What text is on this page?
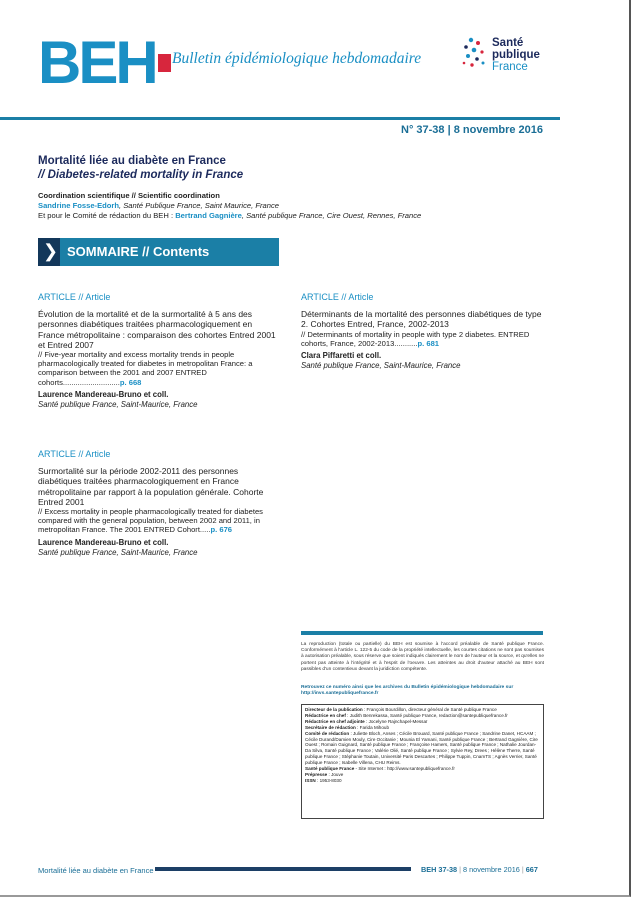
BEH Bulletin épidémiologique hebdomadaire
Santé
publique
France
N° 37-38 | 8 novembre 2016
Mortalité liée au diabète en France
// Diabetes-related mortality in France
Coordination scientifique // Scientific coordination
Sandrine Fosse-Edorh, Santé Publique France, Saint Maurice, France
Et pour le Comité de rédaction du BEH : Bertrand Gagnière, Santé publique France, Cire Ouest, Rennes, France
❯ SOMMAIRE // Contents
ARTICLE // Article
Évolution de la mortalité et de la surmortalité à 5 ans des personnes diabétiques traitées pharmacologiquement en France métropolitaine : comparaison des cohortes Entred 2001 et Entred 2007
// Five-year mortality and excess mortality trends in people pharmacologically treated for diabetes in metropolitan France: a comparison between the 2001 and 2007 ENTRED cohorts...........................p. 668
Laurence Mandereau-Bruno et coll.
Santé publique France, Saint-Maurice, France
ARTICLE // Article
Surmortalité sur la période 2002-2011 des personnes diabétiques traitées pharmacologiquement en France métropolitaine par rapport à la population générale. Cohorte Entred 2001
// Excess mortality in people pharmacologically treated for diabetes compared with the general population, between 2002 and 2011, in metropolitan France. The 2001 ENTRED Cohort.....p. 676
Laurence Mandereau-Bruno et coll.
Santé publique France, Saint-Maurice, France
ARTICLE // Article
Déterminants de la mortalité des personnes diabétiques de type 2. Cohortes Entred, France, 2002-2013
// Determinants of mortality in people with type 2 diabetes. ENTRED cohorts, France, 2002-2013...........p. 681
Clara Piffaretti et coll.
Santé publique France, Saint-Maurice, France
La reproduction (totale ou partielle) du BEH est soumise à l'accord préalable de Santé publique France. Conformément à l'article L. 122-5 du code de la propriété intellectuelle, les courtes citations ne sont pas soumises à autorisation préalable, sous réserve que soient indiqués clairement le nom de l'auteur et la source, et qu'elles ne portent pas atteinte à l'intégrité et à l'esprit de l'oeuvre. Les atteintes au droit d'auteur attaché au BEH sont passibles d'un contentieux devant la juridiction compétente.
Retrouvez ce numéro ainsi que les archives du Bulletin épidémiologique hebdomadaire sur http://invs.santepubliquefrance.fr
Directeur de la publication : François Bourdillon, directeur général de Santé publique France
Rédactrice en chef : Judith Benrekassa, Santé publique France, redaction@santepubliquefrance.fr
Rédactrice en chef adjointe : Jocelyne Rajnchapel-Messaï
Secrétaire de rédaction : Farida Mihoub
Comité de rédaction : Juliette Bloch, Anses ; Cécile Brouard, Santé publique France ; Sandrine Danet, HCAAM ; Cécile Durand/Damien Mouly, Cire Occitanie ; Mounia El Yamani, Santé publique France ; Bertrand Gagnière, Cire Ouest ; Romain Guignard, Santé publique France ; Françoise Hamers, Santé publique France ; Nathalie Jourdan-Da Silva, Santé publique France ; Valérie Olié, Santé publique France ; Sylvie Rey, Drees ; Hélène Therre, Santé publique France ; Stéphanie Toutain, Université Paris Descartes ; Philippe Tuppin, CnamTS ; Agnès Verrier, Santé publique France ; Isabelle Villena, CHU Reims.
Santé publique France - Site Internet : http://www.santepubliquefrance.fr
Prépresse : Jouve
ISSN : 1953-8030
Mortalité liée au diabète en France	BEH 37-38 | 8 novembre 2016 | 667
